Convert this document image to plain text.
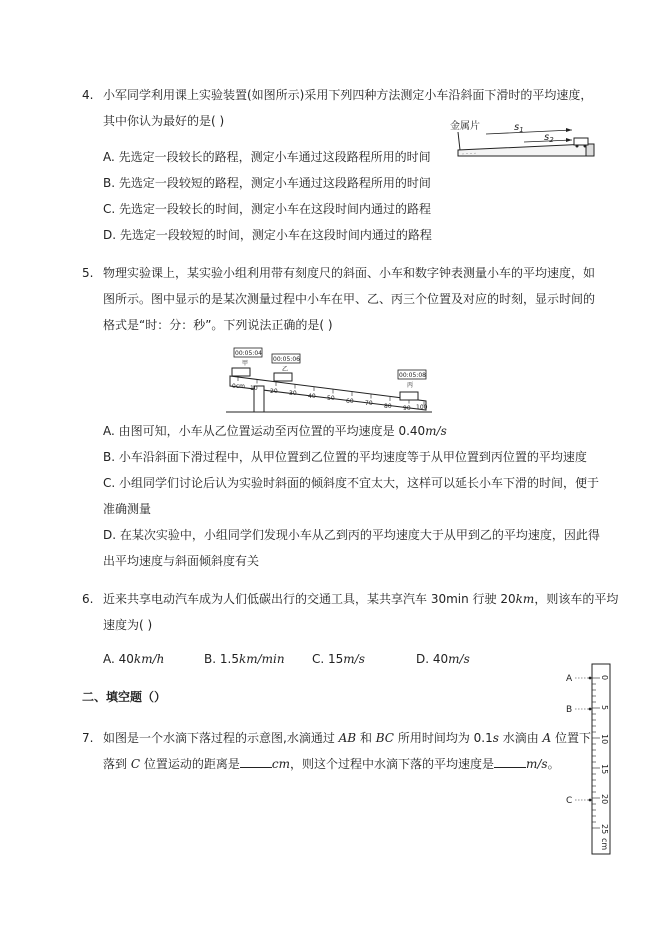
4. 小军同学利用课上实验装置(如图所示)采用下列四种方法测定小车沿斜面下滑时的平均速度，
其中你认为最好的是( )	金属片	$s_1$
$s_2$
A. 先选定一段较长的路程，测定小车通过这段路程所用的时间
B. 先选定一段较短的路程，测定小车通过这段路程所用的时间
C. 先选定一段较长的时间，测定小车在这段时间内通过的路程
D. 先选定一段较短的时间，测定小车在这段时间内通过的路程
5. 物理实验课上，某实验小组利用带有刻度尺的斜面、小车和数字钟表测量小车的平均速度，如
图所示。图中显示的是某次测量过程中小车在甲、乙、丙三个位置及对应的时刻，显示时间的
格式是“时：分：秒”。下列说法正确的是( )
0cm 10 20 30 40 50 60 70 80 90 100
00:05:04
甲
00:05:06
乙
00:05:08
丙
A. 由图可知，小车从乙位置运动至丙位置的平均速度是 0.40m/s
B. 小车沿斜面下滑过程中，从甲位置到乙位置的平均速度等于从甲位置到丙位置的平均速度
C. 小组同学们讨论后认为实验时斜面的倾斜度不宜太大，这样可以延长小车下滑的时间，便于
准确测量
D. 在某次实验中，小组同学们发现小车从乙到丙的平均速度大于从甲到乙的平均速度，因此得
出平均速度与斜面倾斜度有关
6. 近来共享电动汽车成为人们低碳出行的交通工具，某共享汽车 30min 行驶 20km，则该车的平均
速度为( )
A. 40km/h	B. 1.5km/min C. 15m/s	D. 40m/s
二、填空题（）
7. 如图是一个水滴下落过程的示意图,水滴通过 AB 和 BC 所用时间均为 0.1s 水滴由 A 位置下
落到 C 位置运动的距离是	cm，则这个过程中水滴下落的平均速度是	m/s。
0
5
10
15
20
25
cm
A
B
C
